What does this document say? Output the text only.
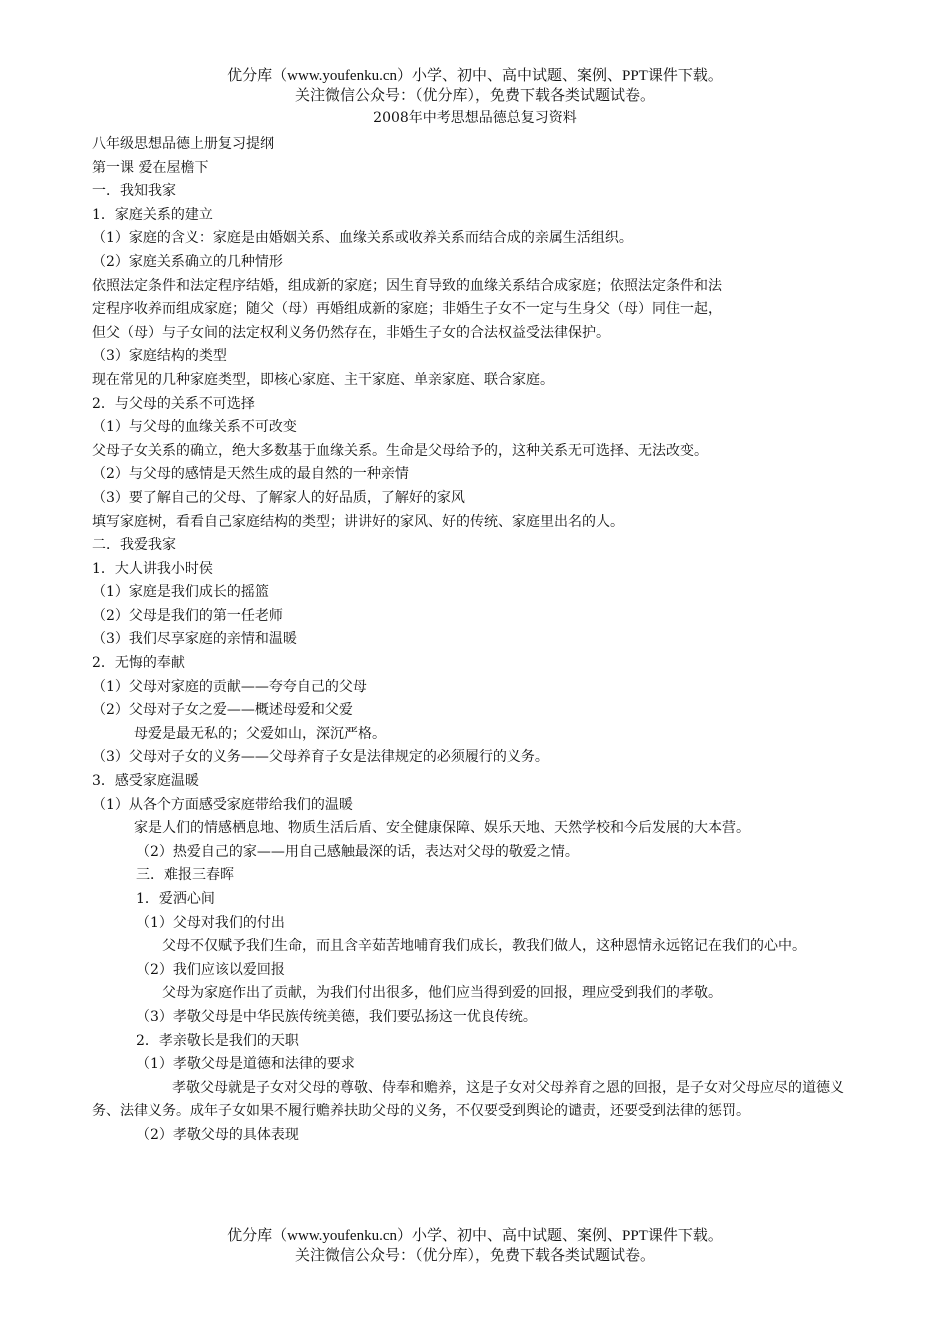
优分库（www.youfenku.cn）小学、初中、高中试题、案例、PPT课件下载。
关注微信公众号：（优分库），免费下载各类试题试卷。
2008年中考思想品德总复习资料
八年级思想品德上册复习提纲
第一课 爱在屋檐下
一．我知我家
1．家庭关系的建立
（1）家庭的含义：家庭是由婚姻关系、血缘关系或收养关系而结合成的亲属生活组织。
（2）家庭关系确立的几种情形
依照法定条件和法定程序结婚，组成新的家庭；因生育导致的血缘关系结合成家庭；依照法定条件和法
定程序收养而组成家庭；随父（母）再婚组成新的家庭；非婚生子女不一定与生身父（母）同住一起，
但父（母）与子女间的法定权利义务仍然存在，非婚生子女的合法权益受法律保护。
（3）家庭结构的类型
现在常见的几种家庭类型，即核心家庭、主干家庭、单亲家庭、联合家庭。
2．与父母的关系不可选择
（1）与父母的血缘关系不可改变
父母子女关系的确立，绝大多数基于血缘关系。生命是父母给予的，这种关系无可选择、无法改变。
（2）与父母的感情是天然生成的最自然的一种亲情
（3）要了解自己的父母、了解家人的好品质，了解好的家风
填写家庭树，看看自己家庭结构的类型；讲讲好的家风、好的传统、家庭里出名的人。
二．我爱我家
1．大人讲我小时侯
（1）家庭是我们成长的摇篮
（2）父母是我们的第一任老师
（3）我们尽享家庭的亲情和温暖
2．无悔的奉献
（1）父母对家庭的贡献——夸夸自己的父母
（2）父母对子女之爱——概述母爱和父爱
母爱是最无私的；父爱如山，深沉严格。
（3）父母对子女的义务——父母养育子女是法律规定的必须履行的义务。
3．感受家庭温暖
（1）从各个方面感受家庭带给我们的温暖
家是人们的情感栖息地、物质生活后盾、安全健康保障、娱乐天地、天然学校和今后发展的大本营。
（2）热爱自己的家——用自己感触最深的话，表达对父母的敬爱之情。
三．难报三春晖
1．爱洒心间
（1）父母对我们的付出
父母不仅赋予我们生命，而且含辛茹苦地哺育我们成长，教我们做人，这种恩情永远铭记在我们的心中。
（2）我们应该以爱回报
父母为家庭作出了贡献，为我们付出很多，他们应当得到爱的回报，理应受到我们的孝敬。
（3）孝敬父母是中华民族传统美德，我们要弘扬这一优良传统。
2．孝亲敬长是我们的天职
（1）孝敬父母是道德和法律的要求
孝敬父母就是子女对父母的尊敬、侍奉和赡养，这是子女对父母养育之恩的回报，是子女对父母应尽的道德义务、法律义务。成年子女如果不履行赡养扶助父母的义务，不仅要受到舆论的谴责，还要受到法律的惩罚。
（2）孝敬父母的具体表现
优分库（www.youfenku.cn）小学、初中、高中试题、案例、PPT课件下载。
关注微信公众号：（优分库），免费下载各类试题试卷。
